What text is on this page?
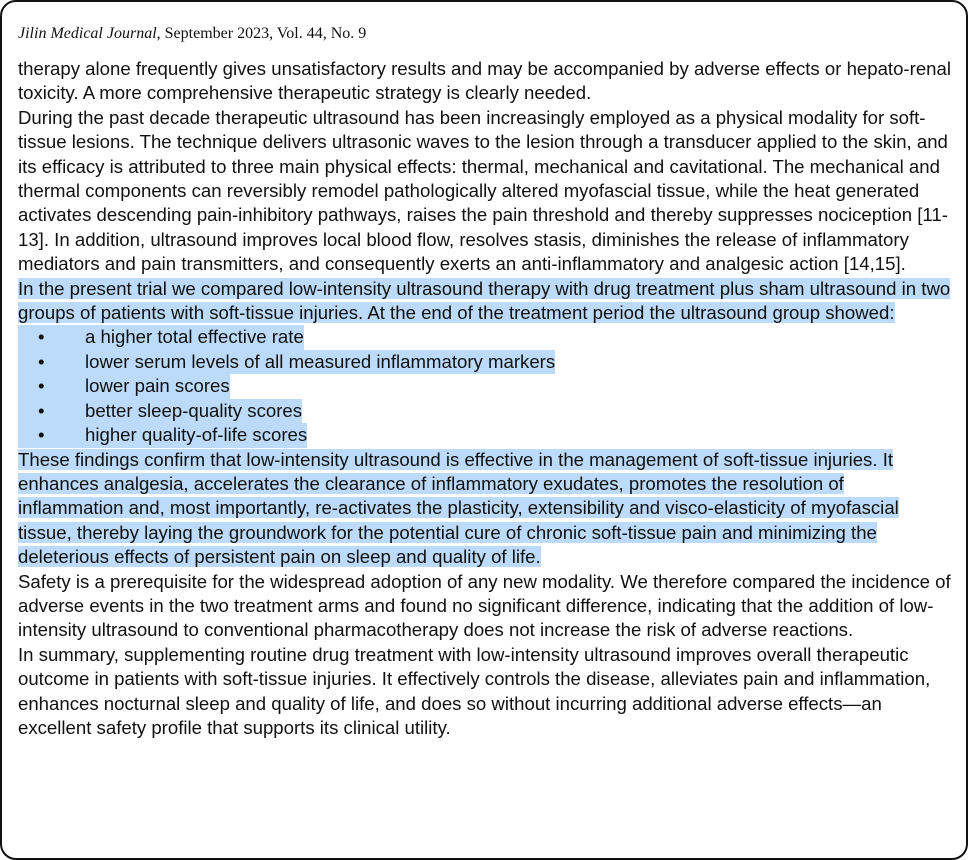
Jilin Medical Journal, September 2023, Vol. 44, No. 9

therapy alone frequently gives unsatisfactory results and may be accompanied by adverse effects or hepato-renal toxicity. A more comprehensive therapeutic strategy is clearly needed.

During the past decade therapeutic ultrasound has been increasingly employed as a physical modality for soft-tissue lesions. The technique delivers ultrasonic waves to the lesion through a transducer applied to the skin, and its efficacy is attributed to three main physical effects: thermal, mechanical and cavitational. The mechanical and thermal components can reversibly remodel pathologically altered myofascial tissue, while the heat generated activates descending pain-inhibitory pathways, raises the pain threshold and thereby suppresses nociception [11-13]. In addition, ultrasound improves local blood flow, resolves stasis, diminishes the release of inflammatory mediators and pain transmitters, and consequently exerts an anti-inflammatory and analgesic action [14,15].

In the present trial we compared low-intensity ultrasound therapy with drug treatment plus sham ultrasound in two groups of patients with soft-tissue injuries. At the end of the treatment period the ultrasound group showed:

• a higher total effective rate
• lower serum levels of all measured inflammatory markers
• lower pain scores
• better sleep-quality scores
• higher quality-of-life scores

These findings confirm that low-intensity ultrasound is effective in the management of soft-tissue injuries. It enhances analgesia, accelerates the clearance of inflammatory exudates, promotes the resolution of inflammation and, most importantly, re-activates the plasticity, extensibility and visco-elasticity of myofascial tissue, thereby laying the groundwork for the potential cure of chronic soft-tissue pain and minimizing the deleterious effects of persistent pain on sleep and quality of life.

Safety is a prerequisite for the widespread adoption of any new modality. We therefore compared the incidence of adverse events in the two treatment arms and found no significant difference, indicating that the addition of low-intensity ultrasound to conventional pharmacotherapy does not increase the risk of adverse reactions.

In summary, supplementing routine drug treatment with low-intensity ultrasound improves overall therapeutic outcome in patients with soft-tissue injuries. It effectively controls the disease, alleviates pain and inflammation, enhances nocturnal sleep and quality of life, and does so without incurring additional adverse effects—an excellent safety profile that supports its clinical utility.
